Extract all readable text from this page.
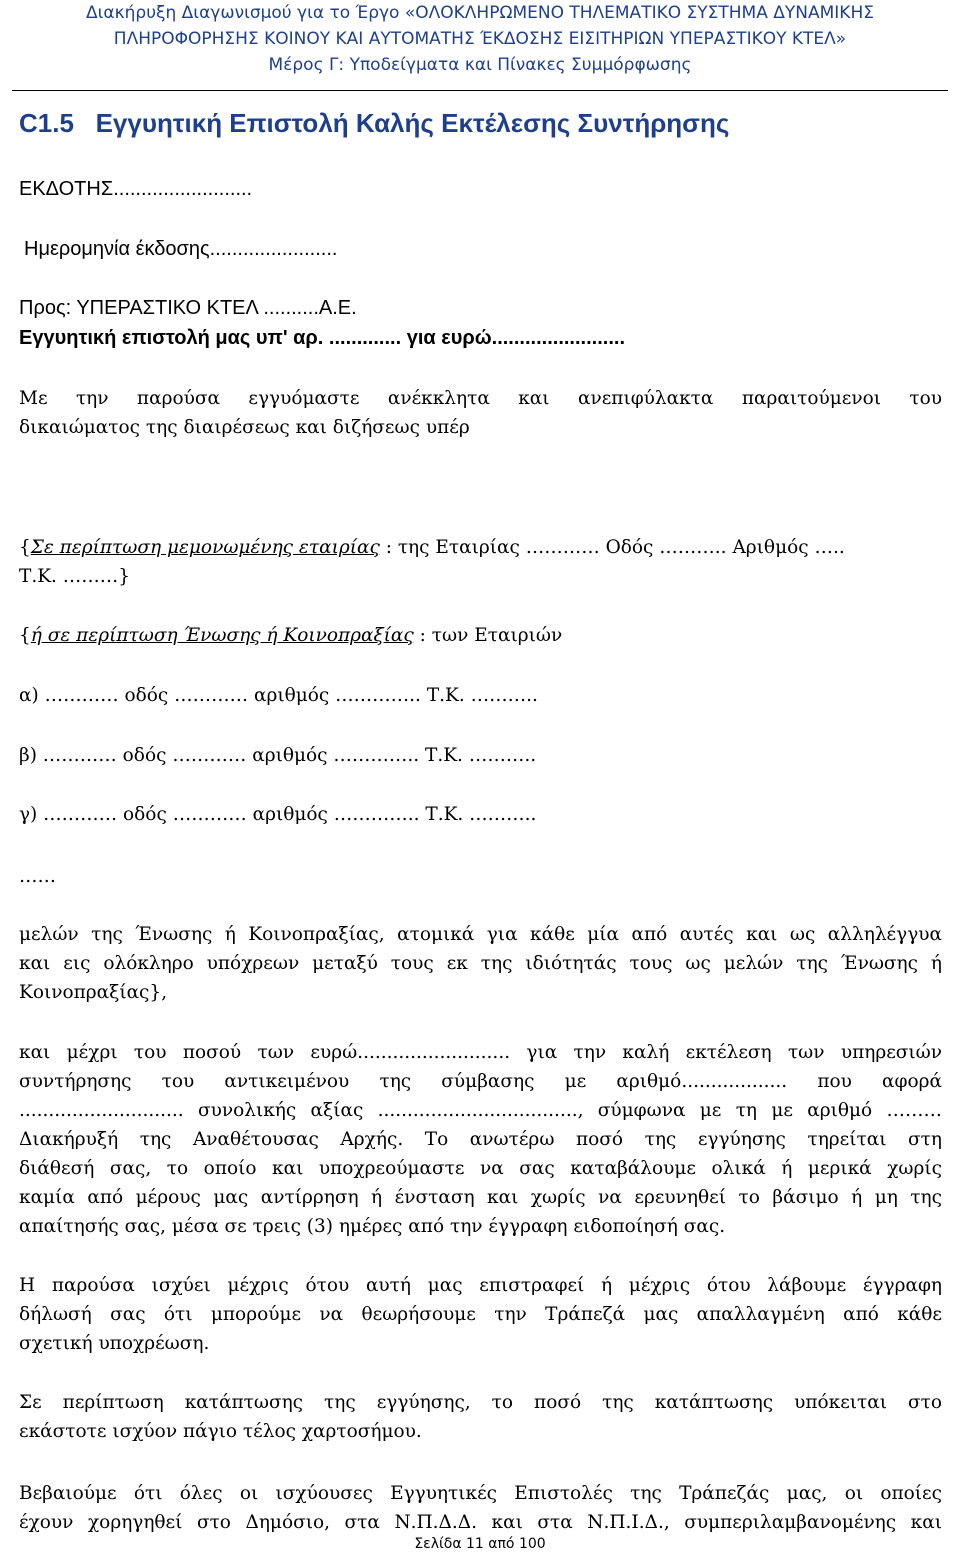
Διακήρυξη Διαγωνισμού για το Έργο «ΟΛΟΚΛΗΡΩΜΕΝΟ ΤΗΛΕΜΑΤΙΚΟ ΣΥΣΤΗΜΑ ΔΥΝΑΜΙΚΗΣ
ΠΛΗΡΟΦΟΡΗΣΗΣ ΚΟΙΝΟΥ ΚΑΙ ΑΥΤΟΜΑΤΗΣ ΈΚΔΟΣΗΣ ΕΙΣΙΤΗΡΙΩΝ ΥΠΕΡΑΣΤΙΚΟΥ ΚΤΕΛ»
Μέρος Γ: Υποδείγματα και Πίνακες Συμμόρφωσης
C1.5   Εγγυητική Επιστολή Καλής Εκτέλεσης Συντήρησης
ΕΚΔΟΤΗΣ.........................
Ημερομηνία έκδοσης.......................
Προς: ΥΠΕΡΑΣΤΙΚΟ ΚΤΕΛ ..........Α.Ε.
Εγγυητική επιστολή μας υπ' αρ. ............. για ευρώ........................
Με την παρούσα εγγυόμαστε ανέκκλητα και ανεπιφύλακτα παραιτούμενοι του
δικαιώματος της διαιρέσεως και διζήσεως υπέρ
{Σε περίπτωση μεμονωμένης εταιρίας : της Εταιρίας ………… Οδός ……….. Αριθμός …..
Τ.Κ. ………}
{ή σε περίπτωση Ένωσης ή Κοινοπραξίας : των Εταιριών
α) ………… οδός ………… αριθμός ………….. Τ.Κ. ………..
β) ………… οδός ………… αριθμός ………….. Τ.Κ. ………..
γ) ………… οδός ………… αριθμός ………….. Τ.Κ. ………..
……
μελών της Ένωσης ή Κοινοπραξίας, ατομικά για κάθε μία από αυτές και ως αλληλέγγυα
και εις ολόκληρο υπόχρεων μεταξύ τους εκ της ιδιότητάς τους ως μελών της Ένωσης ή
Κοινοπραξίας},
και μέχρι του ποσού των ευρώ.......................... για την καλή εκτέλεση των υπηρεσιών
συντήρησης του αντικειμένου της σύμβασης με αριθμό.................. που αφορά
............................ συνολικής αξίας .................................., σύμφωνα με τη με αριθμό ………
Διακήρυξή της Αναθέτουσας Αρχής. Το ανωτέρω ποσό της εγγύησης τηρείται στη
διάθεσή σας, το οποίο και υποχρεούμαστε να σας καταβάλουμε ολικά ή μερικά χωρίς
καμία από μέρους μας αντίρρηση ή ένσταση και χωρίς να ερευνηθεί το βάσιμο ή μη της
απαίτησής σας, μέσα σε τρεις (3) ημέρες από την έγγραφη ειδοποίησή σας.
Η παρούσα ισχύει μέχρις ότου αυτή μας επιστραφεί ή μέχρις ότου λάβουμε έγγραφη
δήλωσή σας ότι μπορούμε να θεωρήσουμε την Τράπεζά μας απαλλαγμένη από κάθε
σχετική υποχρέωση.
Σε περίπτωση κατάπτωσης της εγγύησης, το ποσό της κατάπτωσης υπόκειται στο
εκάστοτε ισχύον πάγιο τέλος χαρτοσήμου.
Βεβαιούμε ότι όλες οι ισχύουσες Εγγυητικές Επιστολές της Τράπεζάς μας, οι οποίες
έχουν χορηγηθεί στο Δημόσιο, στα Ν.Π.Δ.Δ. και στα Ν.Π.Ι.Δ., συμπεριλαμβανομένης και
Σελίδα 11 από 100
